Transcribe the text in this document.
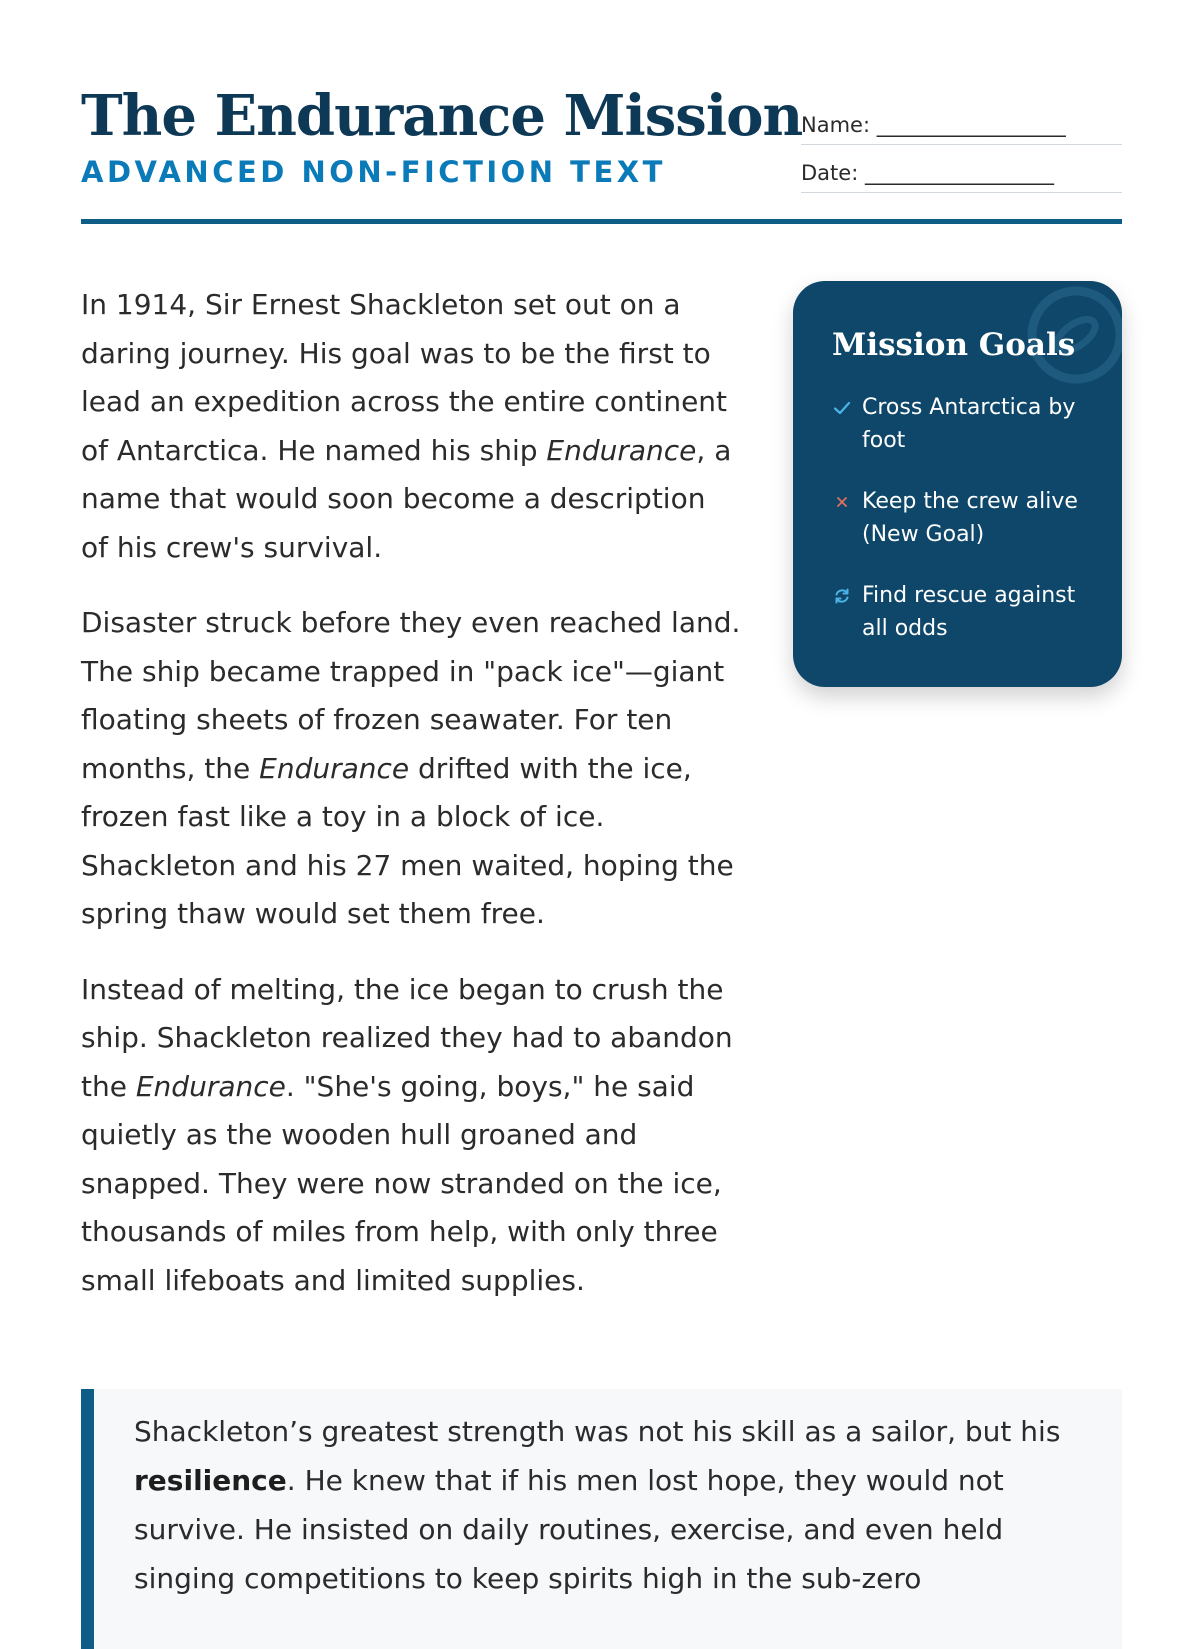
The Endurance Mission
ADVANCED NON-FICTION TEXT
Name: __________________
Date: __________________

In 1914, Sir Ernest Shackleton set out on a daring journey. His goal was to be the first to lead an expedition across the entire continent of Antarctica. He named his ship Endurance, a name that would soon become a description of his crew's survival.

Disaster struck before they even reached land. The ship became trapped in "pack ice"—giant floating sheets of frozen seawater. For ten months, the Endurance drifted with the ice, frozen fast like a toy in a block of ice. Shackleton and his 27 men waited, hoping the spring thaw would set them free.

Instead of melting, the ice began to crush the ship. Shackleton realized they had to abandon the Endurance. "She's going, boys," he said quietly as the wooden hull groaned and snapped. They were now stranded on the ice, thousands of miles from help, with only three small lifeboats and limited supplies.

Mission Goals
Cross Antarctica by foot
Keep the crew alive (New Goal)
Find rescue against all odds
Shackleton’s greatest strength was not his skill as a sailor, but his resilience. He knew that if his men lost hope, they would not survive. He insisted on daily routines, exercise, and even held singing competitions to keep spirits high in the sub-zero
